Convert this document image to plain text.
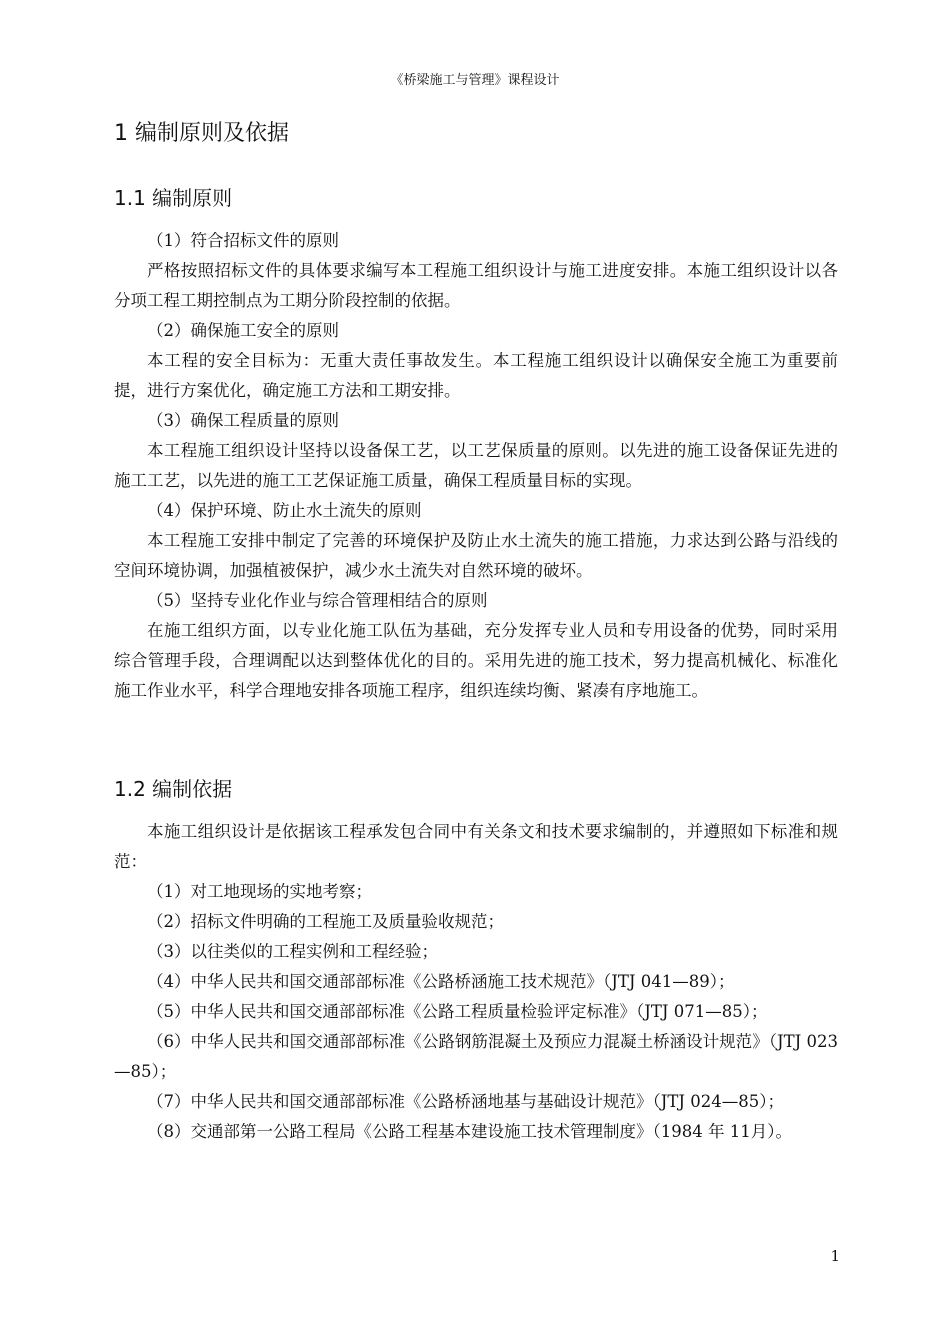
《桥梁施工与管理》课程设计
1 编制原则及依据
1.1 编制原则

（1）符合招标文件的原则

严格按照招标文件的具体要求编写本工程施工组织设计与施工进度安排。本施工组织设计以各分项工程工期控制点为工期分阶段控制的依据。

（2）确保施工安全的原则

本工程的安全目标为：无重大责任事故发生。本工程施工组织设计以确保安全施工为重要前提，进行方案优化，确定施工方法和工期安排。

（3）确保工程质量的原则

本工程施工组织设计坚持以设备保工艺，以工艺保质量的原则。以先进的施工设备保证先进的施工工艺，以先进的施工工艺保证施工质量，确保工程质量目标的实现。

（4）保护环境、防止水土流失的原则

本工程施工安排中制定了完善的环境保护及防止水土流失的施工措施，力求达到公路与沿线的空间环境协调，加强植被保护，减少水土流失对自然环境的破坏。

（5）坚持专业化作业与综合管理相结合的原则

在施工组织方面，以专业化施工队伍为基础，充分发挥专业人员和专用设备的优势，同时采用综合管理手段，合理调配以达到整体优化的目的。采用先进的施工技术，努力提高机械化、标准化施工作业水平，科学合理地安排各项施工程序，组织连续均衡、紧凑有序地施工。

1.2 编制依据

本施工组织设计是依据该工程承发包合同中有关条文和技术要求编制的，并遵照如下标准和规范：

（1）对工地现场的实地考察；

（2）招标文件明确的工程施工及质量验收规范；

（3）以往类似的工程实例和工程经验；

（4）中华人民共和国交通部部标准《公路桥涵施工技术规范》（JTJ 041—89）；

（5）中华人民共和国交通部部标准《公路工程质量检验评定标准》（JTJ 071—85）；

（6）中华人民共和国交通部部标准《公路钢筋混凝土及预应力混凝土桥涵设计规范》（JTJ 023—85）；

（7）中华人民共和国交通部部标准《公路桥涵地基与基础设计规范》（JTJ 024—85）；

（8）交通部第一公路工程局《公路工程基本建设施工技术管理制度》（1984 年 11月）。

1
